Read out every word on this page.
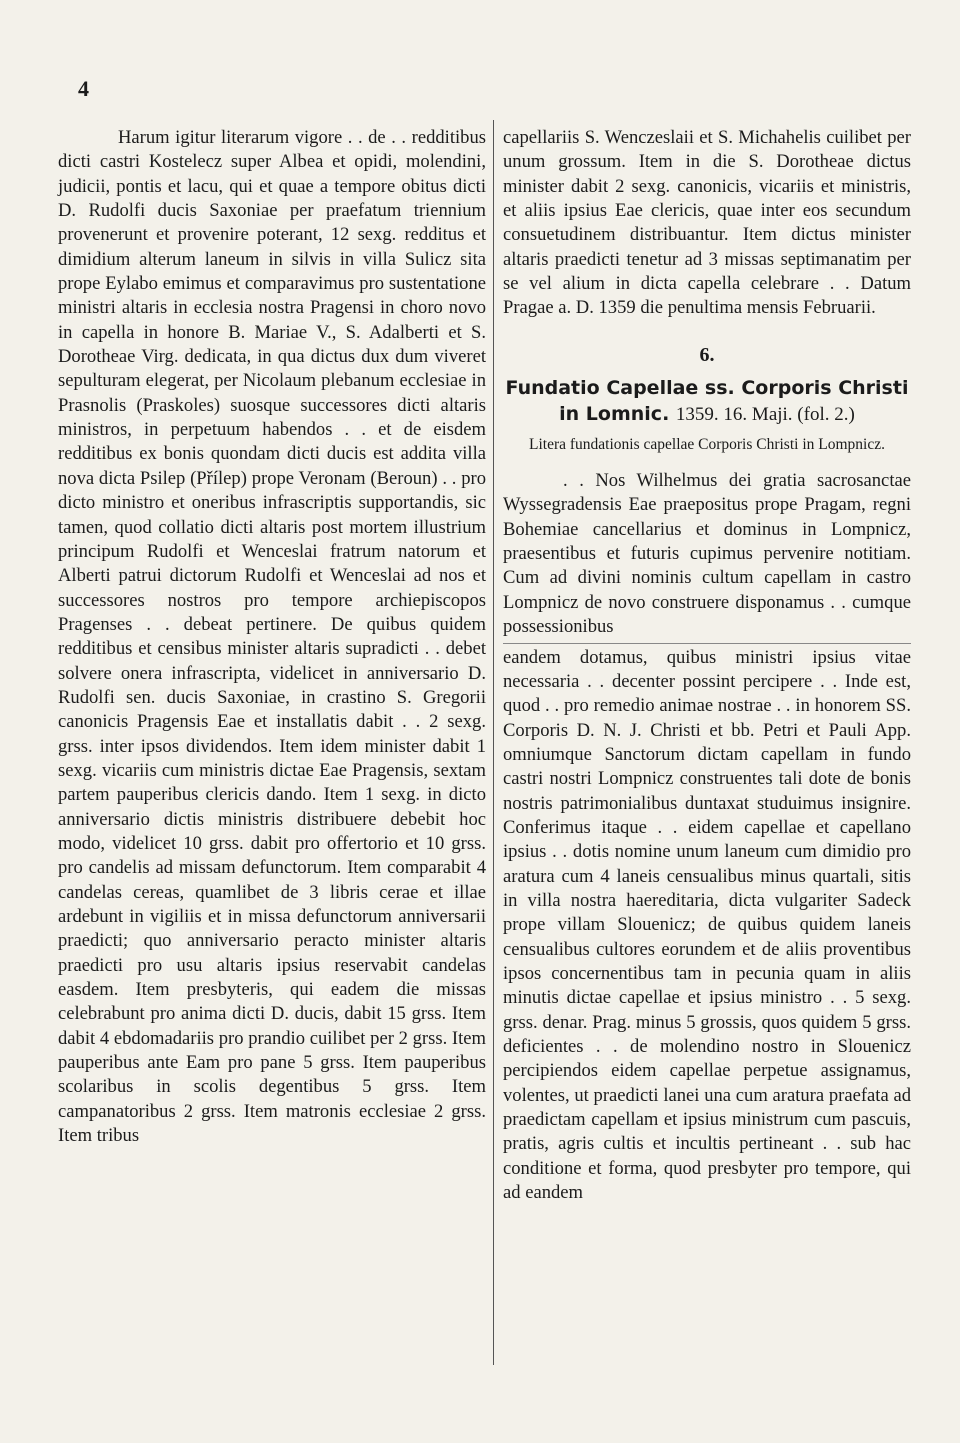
4

Harum igitur literarum vigore . . de . . redditibus dicti castri Kostelecz super Albea et opidi, molendini, judicii, pontis et lacu, qui et quae a tempore obitus dicti D. Rudolfi ducis Saxoniae per praefatum triennium provenerunt et provenire poterant, 12 sexg. redditus et dimidium alterum laneum in silvis in villa Sulicz sita prope Eylabo emimus et comparavimus pro sustentatione ministri altaris in ecclesia nostra Pragensi in choro novo in capella in honore B. Mariae V., S. Adalberti et S. Dorotheae Virg. dedicata, in qua dictus dux dum viveret sepulturam elegerat, per Nicolaum plebanum ecclesiae in Prasnolis (Praskoles) suosque successores dicti altaris ministros, in perpetuum habendos . . et de eisdem redditibus ex bonis quondam dicti ducis est addita villa nova dicta Psilep (Přílep) prope Veronam (Beroun) . . pro dicto ministro et oneribus infrascriptis supportandis, sic tamen, quod collatio dicti altaris post mortem illustrium principum Rudolfi et Wenceslai fratrum natorum et Alberti patrui dictorum Rudolfi et Wenceslai ad nos et successores nostros pro tempore archiepiscopos Pragenses . . debeat pertinere. De quibus quidem redditibus et censibus minister altaris supradicti . . debet solvere onera infrascripta, videlicet in anniversario D. Rudolfi sen. ducis Saxoniae, in crastino S. Gregorii canonicis Pragensis Eae et installatis dabit . . 2 sexg. grss. inter ipsos dividendos. Item idem minister dabit 1 sexg. vicariis cum ministris dictae Eae Pragensis, sextam partem pauperibus clericis dando. Item 1 sexg. in dicto anniversario dictis ministris distribuere debebit hoc modo, videlicet 10 grss. dabit pro offertorio et 10 grss. pro candelis ad missam defunctorum. Item comparabit 4 candelas cereas, quamlibet de 3 libris cerae et illae ardebunt in vigiliis et in missa defunctorum anniversarii praedicti; quo anniversario peracto minister altaris praedicti pro usu altaris ipsius reservabit candelas easdem. Item presbyteris, qui eadem die missas celebrabunt pro anima dicti D. ducis, dabit 15 grss. Item dabit 4 ebdomadariis pro prandio cuilibet per 2 grss. Item pauperibus ante Eam pro pane 5 grss. Item pauperibus scolaribus in scolis degentibus 5 grss. Item campanatoribus 2 grss. Item matronis ecclesiae 2 grss. Item tribus

capellariis S. Wenczeslaii et S. Michahelis cuilibet per unum grossum. Item in die S. Dorotheae dictus minister dabit 2 sexg. canonicis, vicariis et ministris, et aliis ipsius Eae clericis, quae inter eos secundum consuetudinem distribuantur. Item dictus minister altaris praedicti tenetur ad 3 missas septimanatim per se vel alium in dicta capella celebrare . . Datum Pragae a. D. 1359 die penultima mensis Februarii.

6.
Fundatio Capellae ss. Corporis Christi in Lomnic. 1359. 16. Maji. (fol. 2.)
Litera fundationis capellae Corporis Christi in Lompnicz.

. . Nos Wilhelmus dei gratia sacrosanctae Wyssegradensis Eae praepositus prope Pragam, regni Bohemiae cancellarius et dominus in Lompnicz, praesentibus et futuris cupimus pervenire notitiam. Cum ad divini nominis cultum capellam in castro Lompnicz de novo construere disponamus . . cumque possessionibus

eandem dotamus, quibus ministri ipsius vitae necessaria . . decenter possint percipere . . Inde est, quod . . pro remedio animae nostrae . . in honorem SS. Corporis D. N. J. Christi et bb. Petri et Pauli App. omniumque Sanctorum dictam capellam in fundo castri nostri Lompnicz construentes tali dote de bonis nostris patrimonialibus duntaxat studuimus insignire. Conferimus itaque . . eidem capellae et capellano ipsius . . dotis nomine unum laneum cum dimidio pro aratura cum 4 laneis censualibus minus quartali, sitis in villa nostra haereditaria, dicta vulgariter Sadeck prope villam Slouenicz; de quibus quidem laneis censualibus cultores eorundem et de aliis proventibus ipsos concernentibus tam in pecunia quam in aliis minutis dictae capellae et ipsius ministro . . 5 sexg. grss. denar. Prag. minus 5 grossis, quos quidem 5 grss. deficientes . . de molendino nostro in Slouenicz percipiendos eidem capellae perpetue assignamus, volentes, ut praedicti lanei una cum aratura praefata ad praedictam capellam et ipsius ministrum cum pascuis, pratis, agris cultis et incultis pertineant . . sub hac conditione et forma, quod presbyter pro tempore, qui ad eandem
